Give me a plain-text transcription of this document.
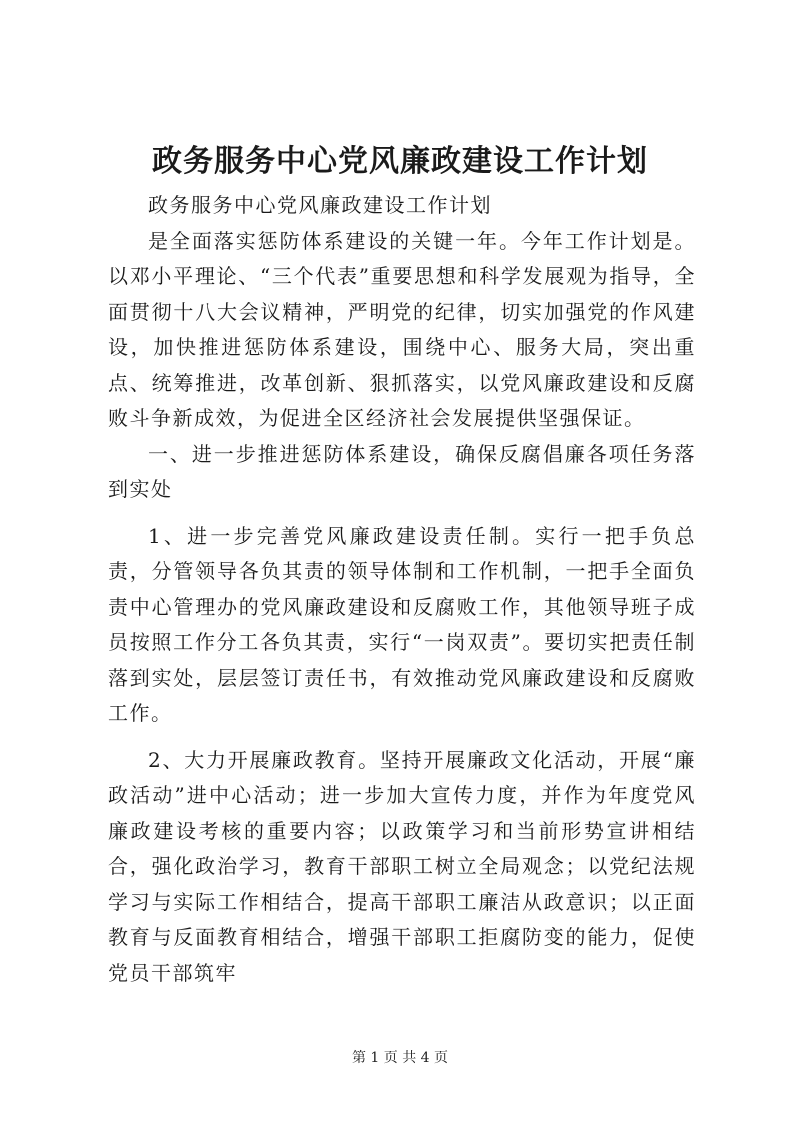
政务服务中心党风廉政建设工作计划

政务服务中心党风廉政建设工作计划

是全面落实惩防体系建设的关键一年。今年工作计划是。以邓小平理论、“三个代表”重要思想和科学发展观为指导，全面贯彻十八大会议精神，严明党的纪律，切实加强党的作风建设，加快推进惩防体系建设，围绕中心、服务大局，突出重点、统筹推进，改革创新、狠抓落实，以党风廉政建设和反腐败斗争新成效，为促进全区经济社会发展提供坚强保证。

一、进一步推进惩防体系建设，确保反腐倡廉各项任务落到实处

1、进一步完善党风廉政建设责任制。实行一把手负总责，分管领导各负其责的领导体制和工作机制，一把手全面负责中心管理办的党风廉政建设和反腐败工作，其他领导班子成员按照工作分工各负其责，实行“一岗双责”。要切实把责任制落到实处，层层签订责任书，有效推动党风廉政建设和反腐败工作。

2、大力开展廉政教育。坚持开展廉政文化活动，开展“廉政活动”进中心活动；进一步加大宣传力度，并作为年度党风廉政建设考核的重要内容；以政策学习和当前形势宣讲相结合，强化政治学习，教育干部职工树立全局观念；以党纪法规学习与实际工作相结合，提高干部职工廉洁从政意识；以正面教育与反面教育相结合，增强干部职工拒腐防变的能力，促使党员干部筑牢

第 1 页 共 4 页
